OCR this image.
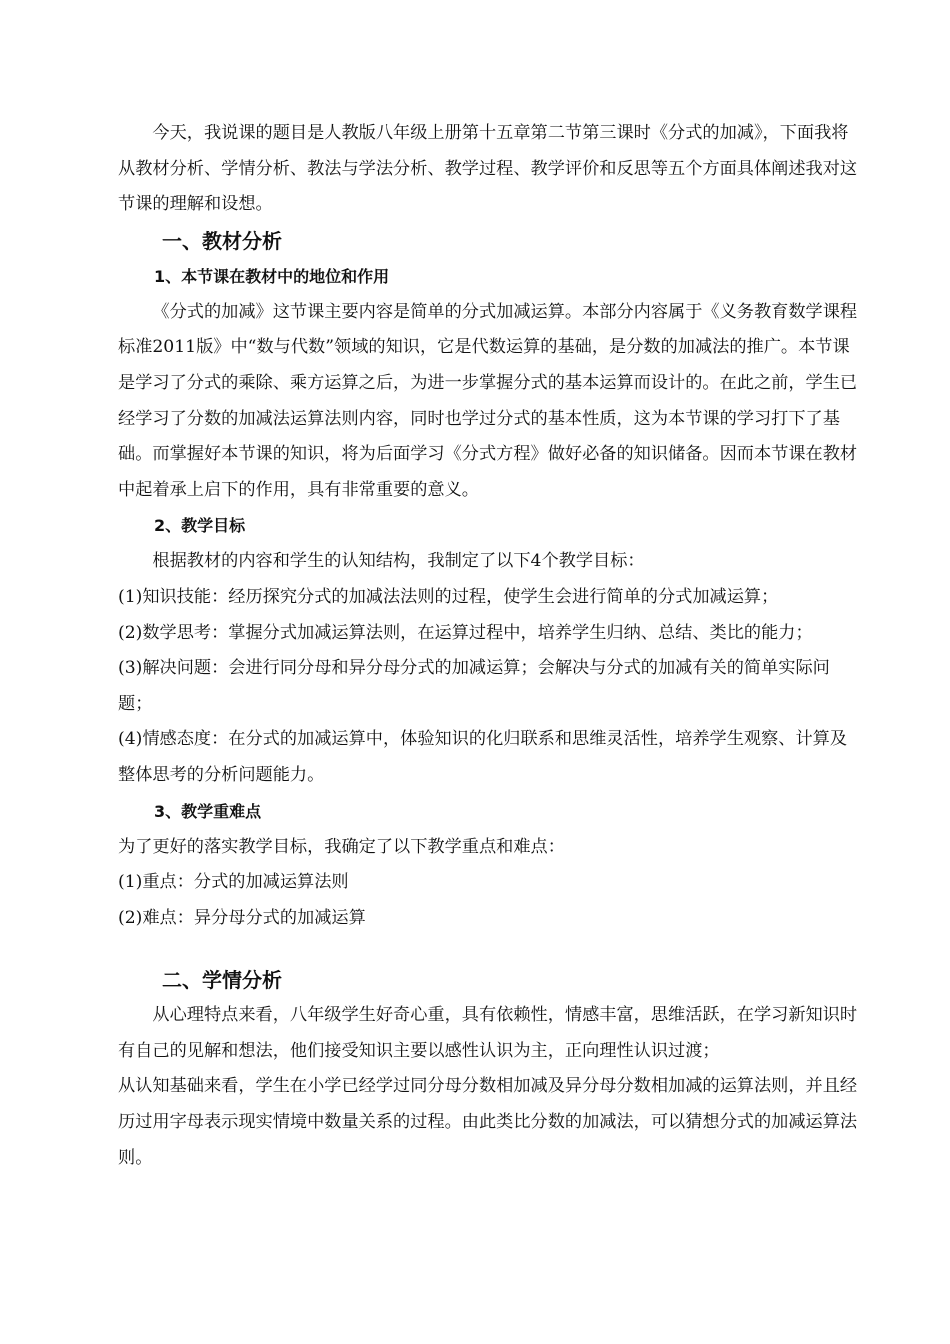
今天，我说课的题目是人教版八年级上册第十五章第二节第三课时《分式的加减》，下面我将从教材分析、学情分析、教法与学法分析、教学过程、教学评价和反思等五个方面具体阐述我对这节课的理解和设想。

一、教材分析

1、本节课在教材中的地位和作用

《分式的加减》这节课主要内容是简单的分式加减运算。本部分内容属于《义务教育数学课程标准2011版》中“数与代数”领域的知识，它是代数运算的基础，是分数的加减法的推广。本节课是学习了分式的乘除、乘方运算之后，为进一步掌握分式的基本运算而设计的。在此之前，学生已经学习了分数的加减法运算法则内容，同时也学过分式的基本性质，这为本节课的学习打下了基础。而掌握好本节课的知识，将为后面学习《分式方程》做好必备的知识储备。因而本节课在教材中起着承上启下的作用，具有非常重要的意义。

2、教学目标

根据教材的内容和学生的认知结构，我制定了以下4个教学目标：

(1)知识技能：经历探究分式的加减法法则的过程，使学生会进行简单的分式加减运算；

(2)数学思考：掌握分式加减运算法则，在运算过程中，培养学生归纳、总结、类比的能力；

(3)解决问题：会进行同分母和异分母分式的加减运算；会解决与分式的加减有关的简单实际问题；

(4)情感态度：在分式的加减运算中，体验知识的化归联系和思维灵活性，培养学生观察、计算及整体思考的分析问题能力。

3、教学重难点

为了更好的落实教学目标，我确定了以下教学重点和难点：

(1)重点：分式的加减运算法则

(2)难点：异分母分式的加减运算

二、学情分析

从心理特点来看，八年级学生好奇心重，具有依赖性，情感丰富，思维活跃，在学习新知识时有自己的见解和想法，他们接受知识主要以感性认识为主，正向理性认识过渡；

从认知基础来看，学生在小学已经学过同分母分数相加减及异分母分数相加减的运算法则，并且经历过用字母表示现实情境中数量关系的过程。由此类比分数的加减法，可以猜想分式的加减运算法则。
